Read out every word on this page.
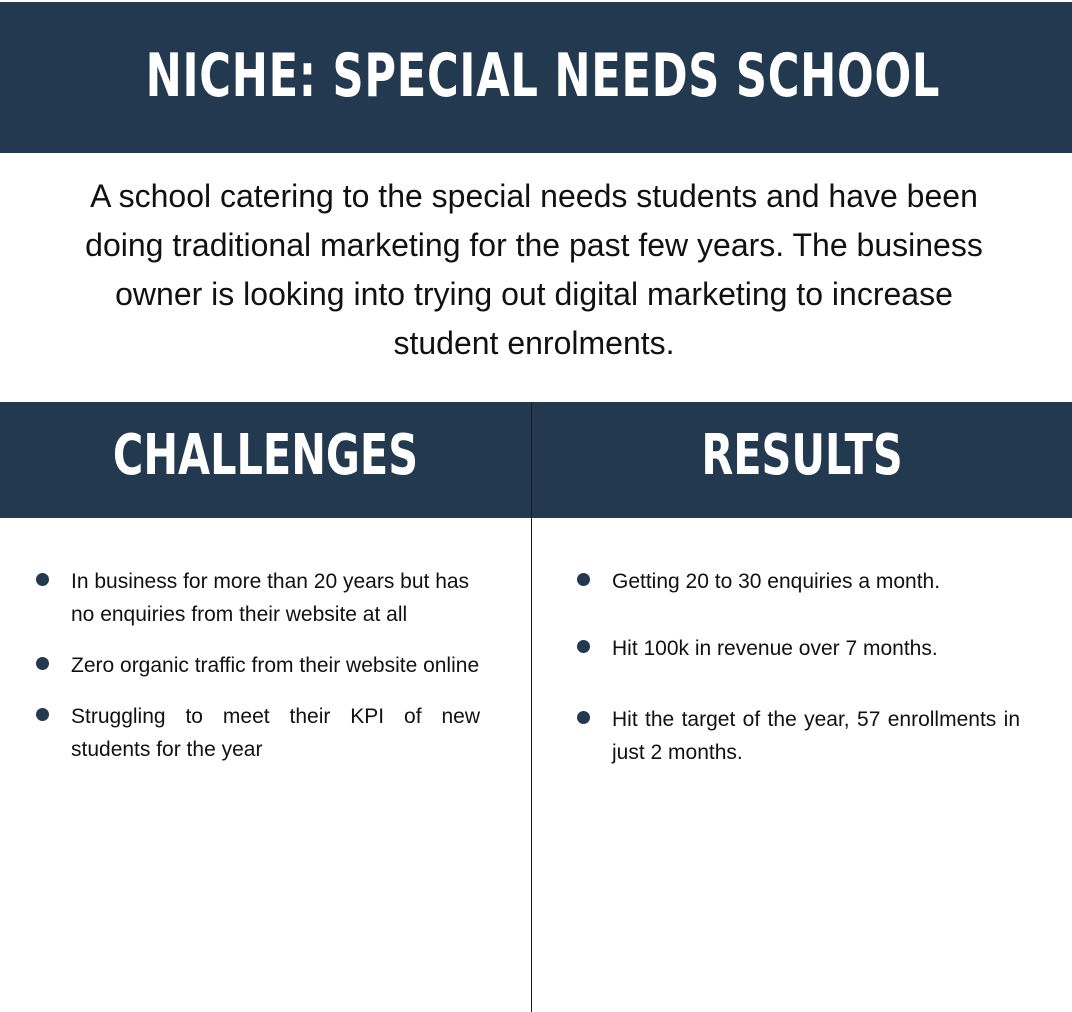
NICHE: SPECIAL NEEDS SCHOOL

A school catering to the special needs students and have been doing traditional marketing for the past few years. The business owner is looking into trying out digital marketing to increase student enrolments.

CHALLENGES	RESULTS
In business for more than 20 years but has no enquiries from their website at all
Zero organic traffic from their website online
Struggling to meet their KPI of new students for the year
Getting 20 to 30 enquiries a month.
Hit 100k in revenue over 7 months.
Hit the target of the year, 57 enrollments in just 2 months.
